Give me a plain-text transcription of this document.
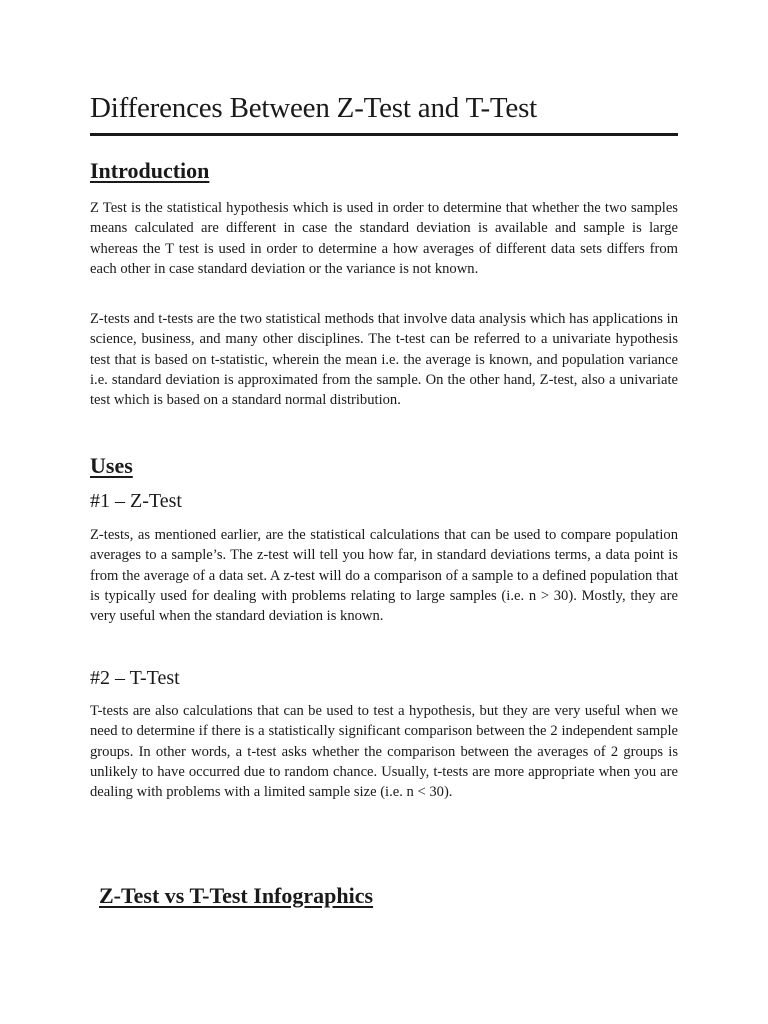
Differences Between Z-Test and T-Test
Introduction

Z Test is the statistical hypothesis which is used in order to determine that whether the two samples means calculated are different in case the standard deviation is available and sample is large whereas the T test is used in order to determine a how averages of different data sets differs from each other in case standard deviation or the variance is not known.

Z-tests and t-tests are the two statistical methods that involve data analysis which has applications in science, business, and many other disciplines. The t-test can be referred to a univariate hypothesis test that is based on t-statistic, wherein the mean i.e. the average is known, and population variance i.e. standard deviation is approximated from the sample. On the other hand, Z-test, also a univariate test which is based on a standard normal distribution.

Uses
#1 – Z-Test

Z-tests, as mentioned earlier, are the statistical calculations that can be used to compare population averages to a sample’s. The z-test will tell you how far, in standard deviations terms, a data point is from the average of a data set. A z-test will do a comparison of a sample to a defined population that is typically used for dealing with problems relating to large samples (i.e. n > 30). Mostly, they are very useful when the standard deviation is known.

#2 – T-Test

T-tests are also calculations that can be used to test a hypothesis, but they are very useful when we need to determine if there is a statistically significant comparison between the 2 independent sample groups. In other words, a t-test asks whether the comparison between the averages of 2 groups is unlikely to have occurred due to random chance. Usually, t-tests are more appropriate when you are dealing with problems with a limited sample size (i.e. n < 30).

Z-Test vs T-Test Infographics
